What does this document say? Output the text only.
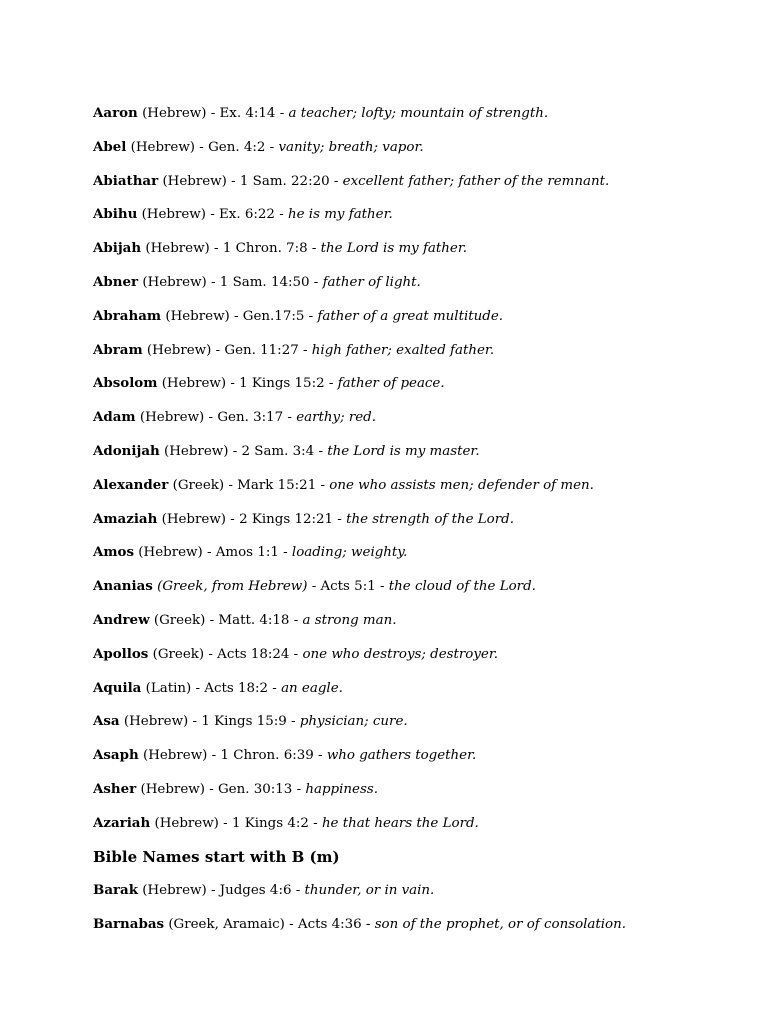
Aaron (Hebrew) - Ex. 4:14 - a teacher; lofty; mountain of strength.
Abel (Hebrew) - Gen. 4:2 - vanity; breath; vapor.
Abiathar (Hebrew) - 1 Sam. 22:20 - excellent father; father of the remnant.
Abihu (Hebrew) - Ex. 6:22 - he is my father.
Abijah (Hebrew) - 1 Chron. 7:8 - the Lord is my father.
Abner (Hebrew) - 1 Sam. 14:50 - father of light.
Abraham (Hebrew) - Gen.17:5 - father of a great multitude.
Abram (Hebrew) - Gen. 11:27 - high father; exalted father.
Absolom (Hebrew) - 1 Kings 15:2 - father of peace.
Adam (Hebrew) - Gen. 3:17 - earthy; red.
Adonijah (Hebrew) - 2 Sam. 3:4 - the Lord is my master.
Alexander (Greek) - Mark 15:21 - one who assists men; defender of men.
Amaziah (Hebrew) - 2 Kings 12:21 - the strength of the Lord.
Amos (Hebrew) - Amos 1:1 - loading; weighty.
Ananias (Greek, from Hebrew) - Acts 5:1 - the cloud of the Lord.
Andrew (Greek) - Matt. 4:18 - a strong man.
Apollos (Greek) - Acts 18:24 - one who destroys; destroyer.
Aquila (Latin) - Acts 18:2 - an eagle.
Asa (Hebrew) - 1 Kings 15:9 - physician; cure.
Asaph (Hebrew) - 1 Chron. 6:39 - who gathers together.
Asher (Hebrew) - Gen. 30:13 - happiness.
Azariah (Hebrew) - 1 Kings 4:2 - he that hears the Lord.
Bible Names start with B (m)
Barak (Hebrew) - Judges 4:6 - thunder, or in vain.
Barnabas (Greek, Aramaic) - Acts 4:36 - son of the prophet, or of consolation.
